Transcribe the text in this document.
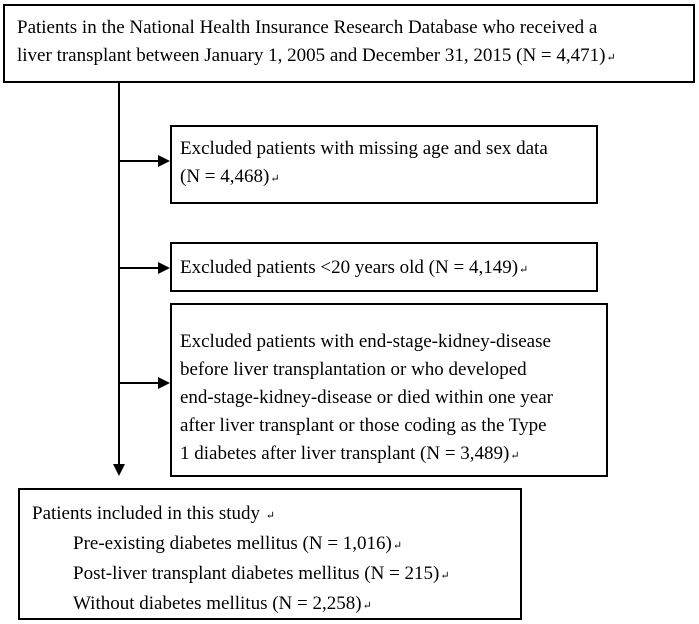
Patients in the National Health Insurance Research Database who received a
liver transplant between January 1, 2005 and December 31, 2015 (N = 4,471)↵
Excluded patients with missing age and sex data
(N = 4,468)↵
Excluded patients <20 years old (N = 4,149)↵
Excluded patients with end-stage-kidney-disease
before liver transplantation or who developed
end-stage-kidney-disease or died within one year
after liver transplant or those coding as the Type
1 diabetes after liver transplant (N = 3,489)↵
Patients included in this study ↵
Pre-existing diabetes mellitus (N = 1,016)↵
Post-liver transplant diabetes mellitus (N = 215)↵
Without diabetes mellitus (N = 2,258)↵
